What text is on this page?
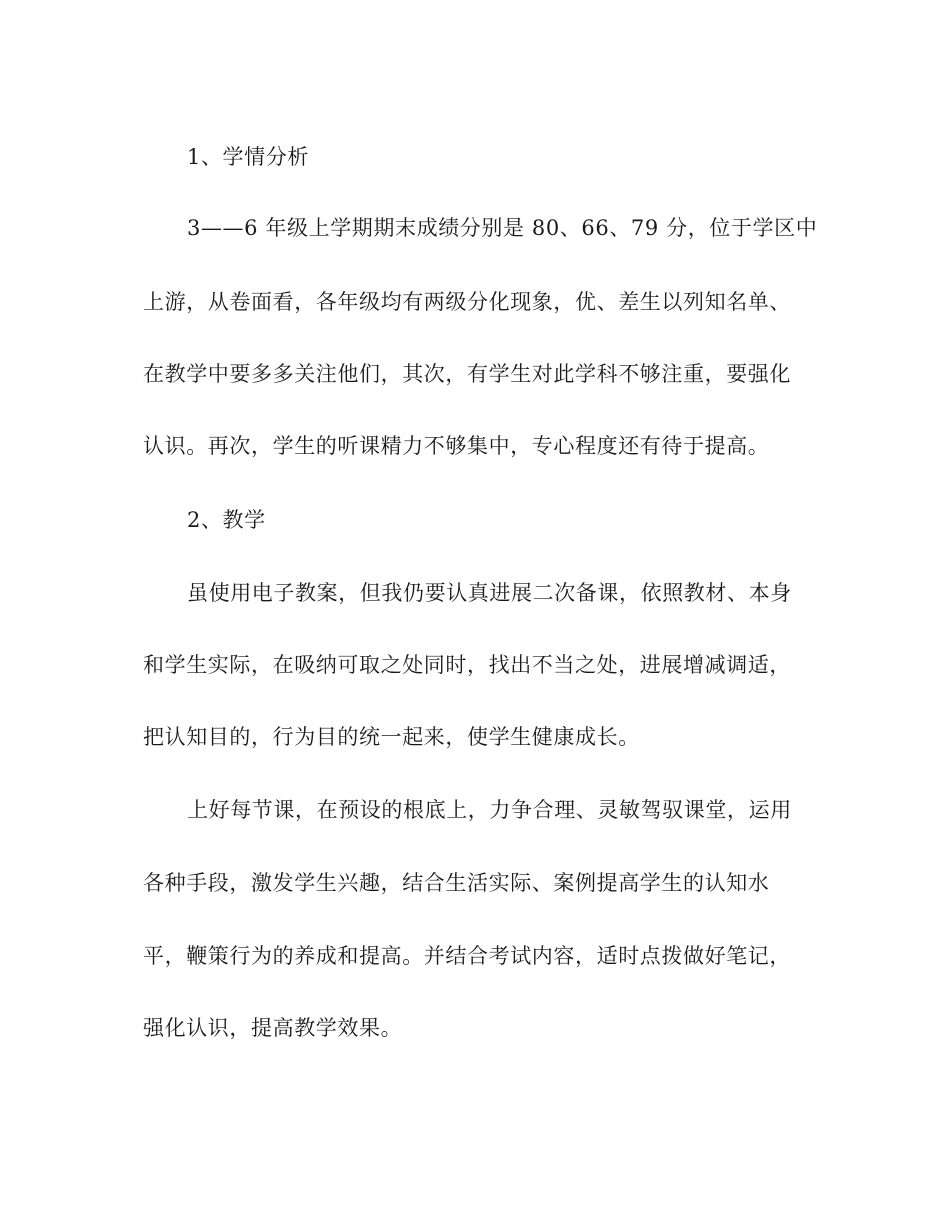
1、学情分析

3——6 年级上学期期末成绩分别是 80、66、79 分，位于学区中

上游，从卷面看，各年级均有两级分化现象，优、差生以列知名单、

在教学中要多多关注他们，其次，有学生对此学科不够注重，要强化

认识。再次，学生的听课精力不够集中，专心程度还有待于提高。

2、教学

虽使用电子教案，但我仍要认真进展二次备课，依照教材、本身

和学生实际，在吸纳可取之处同时，找出不当之处，进展增减调适，

把认知目的，行为目的统一起来，使学生健康成长。

上好每节课，在预设的根底上，力争合理、灵敏驾驭课堂，运用

各种手段，激发学生兴趣，结合生活实际、案例提高学生的认知水

平，鞭策行为的养成和提高。并结合考试内容，适时点拨做好笔记，

强化认识，提高教学效果。
